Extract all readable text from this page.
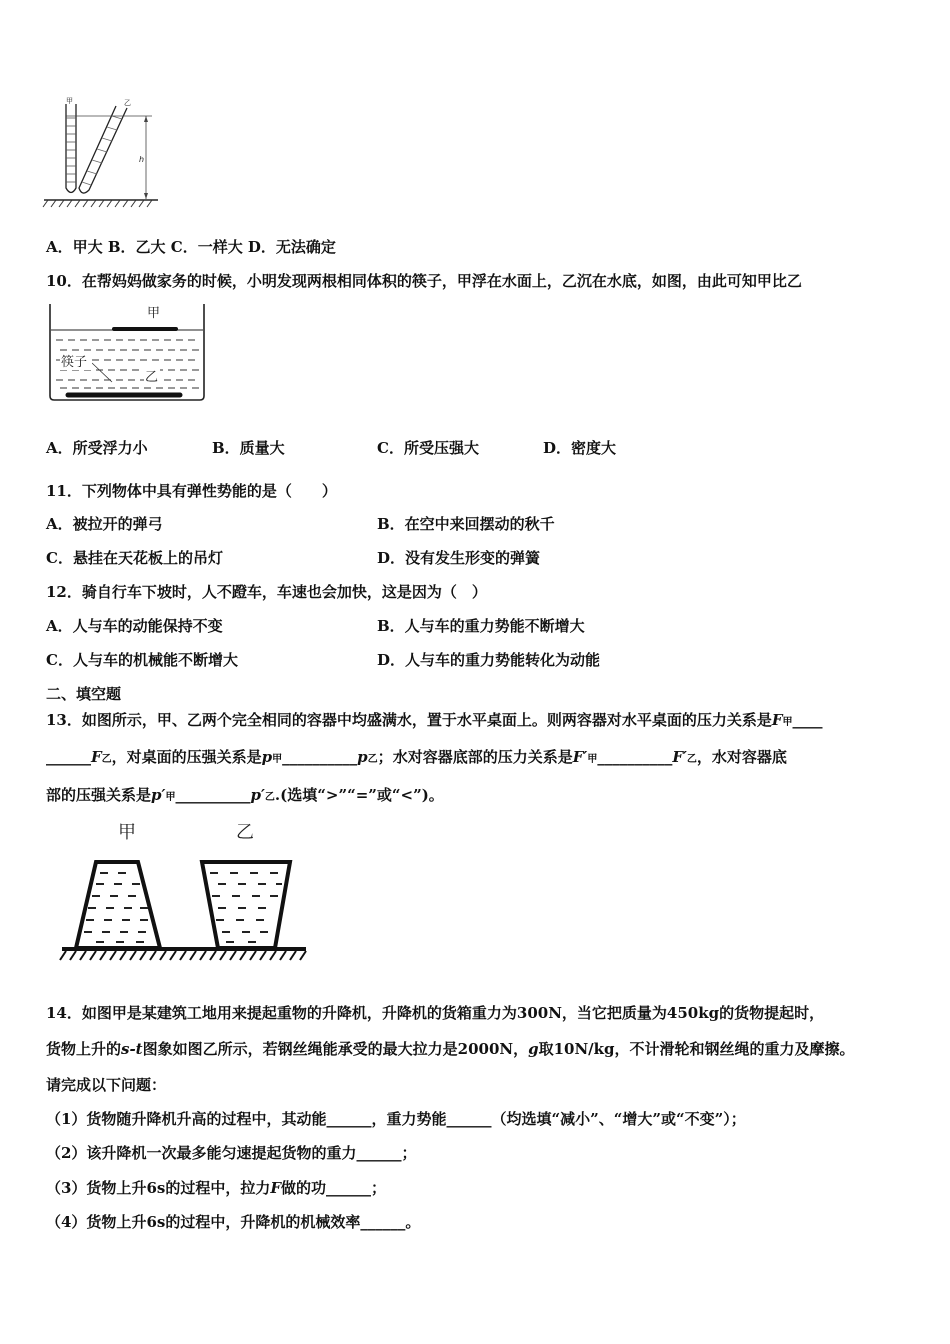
甲	乙
h
A．甲大 B．乙大 C．一样大 D．无法确定
10．在帮妈妈做家务的时候，小明发现两根相同体积的筷子，甲浮在水面上，乙沉在水底，如图，由此可知甲比乙
甲
筷子
乙
A．所受浮力小	B．质量大	C．所受压强大	D．密度大
11．下列物体中具有弹性势能的是（　　）
A．被拉开的弹弓	B．在空中来回摆动的秋千
C．悬挂在天花板上的吊灯	D．没有发生形变的弹簧
12．骑自行车下坡时，人不蹬车，车速也会加快，这是因为（　）
A．人与车的动能保持不变	B．人与车的重力势能不断增大
C．人与车的机械能不断增大	D．人与车的重力势能转化为动能
二、填空题
13．如图所示，甲、乙两个完全相同的容器中均盛满水，置于水平桌面上。则两容器对水平桌面的压力关系是F甲____
______F乙，对桌面的压强关系是p甲__________p乙；水对容器底部的压力关系是F′甲__________F′乙，水对容器底
部的压强关系是p′甲__________p′乙.(选填“>”“=”或“<”)。
甲	乙
14．如图甲是某建筑工地用来提起重物的升降机，升降机的货箱重力为300N，当它把质量为450kg的货物提起时，
货物上升的s-t图象如图乙所示，若钢丝绳能承受的最大拉力是2000N，g取10N/kg，不计滑轮和钢丝绳的重力及摩擦。
请完成以下问题：
（1）货物随升降机升高的过程中，其动能______，重力势能______（均选填“减小”、“增大”或“不变”）；
（2）该升降机一次最多能匀速提起货物的重力______；
（3）货物上升6s的过程中，拉力F做的功______；
（4）货物上升6s的过程中，升降机的机械效率______。
